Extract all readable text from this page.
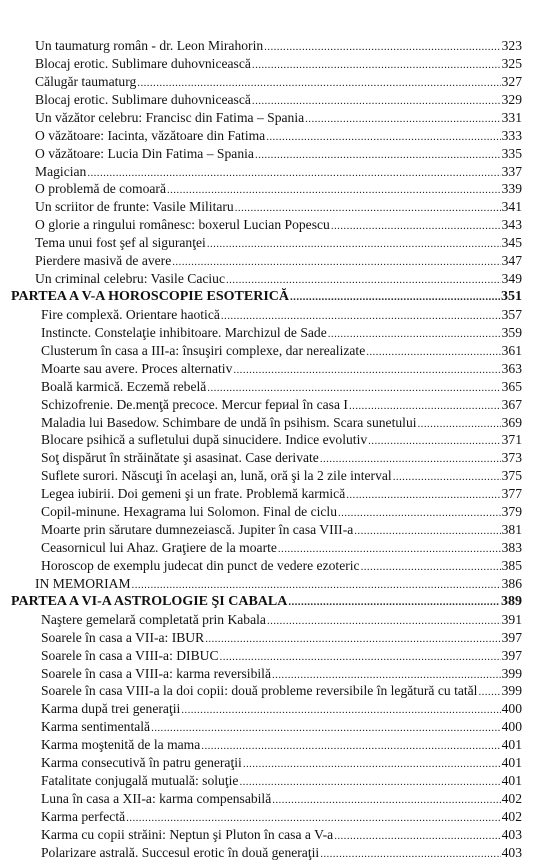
Un taumaturg român - dr. Leon Mirahorin .....	323
Blocaj erotic. Sublimare duhovnicească .....	325
Călugăr taumaturg .....	327
Blocaj erotic. Sublimare duhovnicească .....	329
Un văzător celebru: Francisc din Fatima – Spania .....	331
O văzătoare: Iacinta, văzătoare din Fatima .....	333
O văzătoare: Lucia Din Fatima – Spania .....	335
Magician .....	337
O problemă de comoară .....	339
Un scriitor de frunte: Vasile Militaru .....	341
O glorie a ringului românesc: boxerul Lucian Popescu .....	343
Tema unui fost şef al siguranţei .....	345
Pierdere masivă de avere .....	347
Un criminal celebru: Vasile Caciuc .....	349
PARTEA A V-A HOROSCOPIE ESOTERICĂ .....	351
Fire complexă. Orientare haotică .....	357
Instincte. Constelaţie inhibitoare. Marchizul de Sade .....	359
Clusterum în casa a III-a: însuşiri complexe, dar nerealizate .....	361
Moarte sau avere. Proces alternativ .....	363
Boală karmică. Eczemă rebelă .....	365
Schizofrenie. De.menţă precoce. Mercur fериal în casa I .....	367
Maladia lui Basedow. Schimbare de undă în psihism. Scara sunetului .....	369
Blocare psihică a sufletului după sinucidere. Indice evolutiv .....	371
Soţ dispărut în străinătate şi asasinat. Case derivate .....	373
Suflete surori. Născuţi în acelaşi an, lună, oră şi la 2 zile interval .....	375
Legea iubirii. Doi gemeni şi un frate. Problemă karmică .....	377
Copil-minune. Hexagrama lui Solomon. Final de ciclu .....	379
Moarte prin sărutare dumnezeiască. Jupiter în casa VIII-a .....	381
Ceasornicul lui Ahaz. Graţiere de la moarte .....	383
Horoscop de exemplu judecat din punct de vedere ezoteric .....	385
IN MEMORIAM .....	386
PARTEA A VI-A ASTROLOGIE ŞI CABALA .....	389
Naştere gemelară completată prin Kabala .....	391
Soarele în casa a VII-a: IBUR .....	397
Soarele în casa a VIII-a: DIBUC .....	397
Soarele în casa a VIII-a: karma reversibilă .....	399
Soarele în casa VIII-a la doi copii: două probleme reversibile în legătură cu tatăl ..... 399
Karma după trei generaţii .....	400
Karma sentimentală .....	400
Karma moştenită de la mama .....	401
Karma consecutivă în patru generaţii .....	401
Fatalitate conjugală mutuală: soluţie .....	401
Luna în casa a XII-a: karma compensabilă .....	402
Karma perfectă .....	402
Karma cu copii străini: Neptun şi Pluton în casa a V-a .....	403
Polarizare astrală. Succesul erotic în două generaţii .....	403
